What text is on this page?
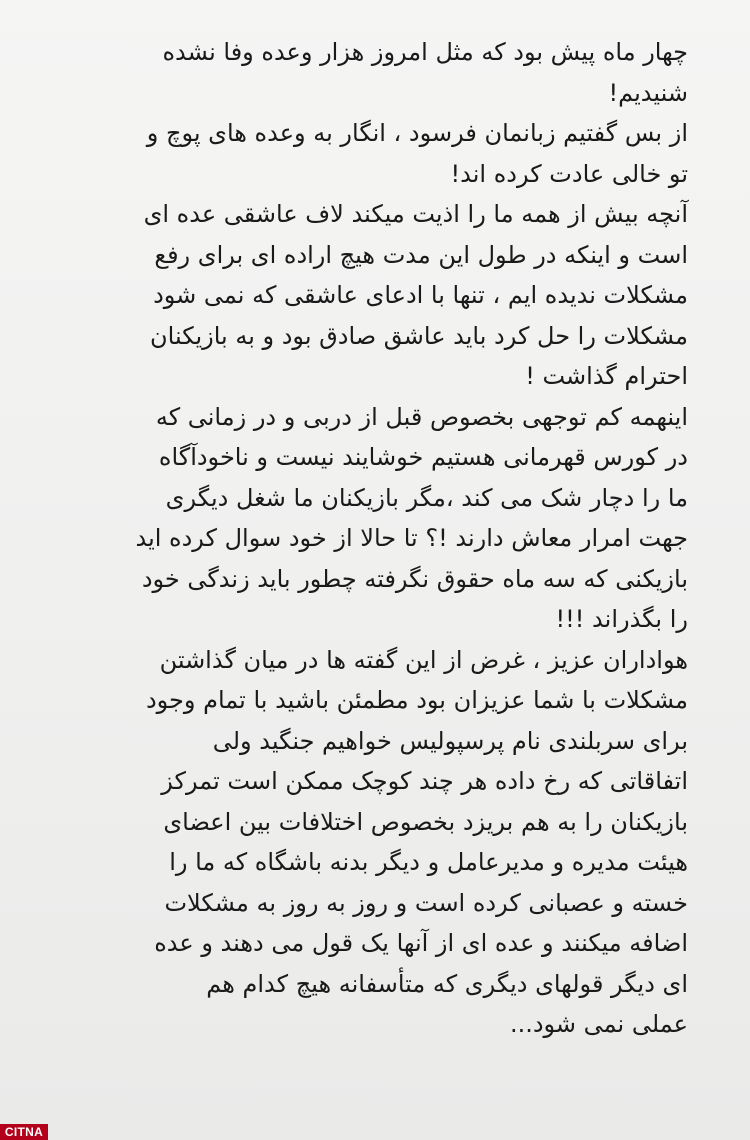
چهار ماه پیش بود که مثل امروز هزار وعده وفا نشده
شنیدیم!
از بس گفتیم زبانمان فرسود ، انگار به وعده های پوچ و
تو خالی عادت کرده اند!
آنچه بیش از همه ما را اذیت میکند لاف عاشقی عده ای
است و اینکه در طول این مدت هیچ اراده ای برای رفع
مشکلات ندیده ایم ، تنها با ادعای عاشقی که نمی شود
مشکلات را حل کرد باید عاشق صادق بود و به بازیکنان
احترام گذاشت !
اینهمه کم توجهی بخصوص قبل از دربی و در زمانی که
در کورس قهرمانی هستیم خوشایند نیست و ناخودآگاه
ما را دچار شک می کند ،مگر بازیکنان ما شغل دیگری
جهت امرار معاش دارند !؟ تا حالا از خود سوال کرده اید
بازیکنی که سه ماه حقوق نگرفته چطور باید زندگی خود
را بگذراند !!!
هواداران عزیز ، غرض از این گفته ها در میان گذاشتن
مشکلات با شما عزیزان بود مطمئن باشید با تمام وجود
برای سربلندی نام پرسپولیس خواهیم جنگید ولی
اتفاقاتی که رخ داده هر چند کوچک ممکن است تمرکز
بازیکنان را به هم بریزد بخصوص اختلافات بین اعضای
هیئت مدیره و مدیرعامل و دیگر بدنه باشگاه که ما را
خسته و عصبانی کرده است و روز به روز به مشکلات
اضافه میکنند و عده ای از آنها یک قول می دهند و عده
ای دیگر قولهای دیگری که متأسفانه هیچ کدام هم
عملی نمی شود...
CITNA
